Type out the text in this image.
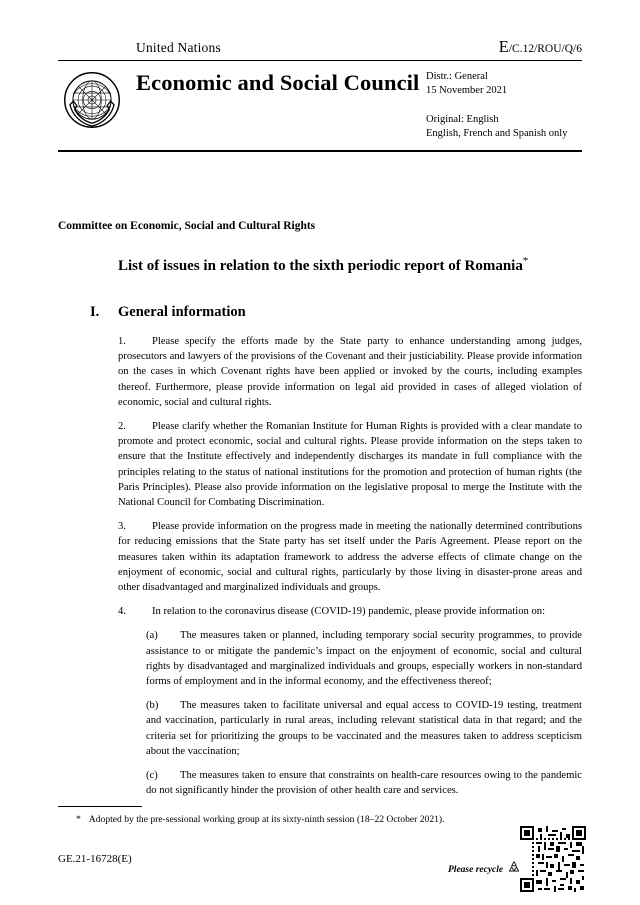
United Nations	E/C.12/ROU/Q/6
Economic and Social Council Distr.: General
15 November 2021
Original: English
English, French and Spanish only
Committee on Economic, Social and Cultural Rights
List of issues in relation to the sixth periodic report of Romania*
I. General information

1. Please specify the efforts made by the State party to enhance understanding among judges, prosecutors and lawyers of the provisions of the Covenant and their justiciability. Please provide information on the cases in which Covenant rights have been applied or invoked by the courts, including examples thereof. Furthermore, please provide information on legal aid provided in cases of alleged violation of economic, social and cultural rights.

2. Please clarify whether the Romanian Institute for Human Rights is provided with a clear mandate to promote and protect economic, social and cultural rights. Please provide information on the steps taken to ensure that the Institute effectively and independently discharges its mandate in full compliance with the principles relating to the status of national institutions for the promotion and protection of human rights (the Paris Principles). Please also provide information on the legislative proposal to merge the Institute with the National Council for Combating Discrimination.

3. Please provide information on the progress made in meeting the nationally determined contributions for reducing emissions that the State party has set itself under the Paris Agreement. Please report on the measures taken within its adaptation framework to address the adverse effects of climate change on the enjoyment of economic, social and cultural rights, particularly by those living in disaster-prone areas and other disadvantaged and marginalized individuals and groups.

4. In relation to the coronavirus disease (COVID-19) pandemic, please provide information on:

(a) The measures taken or planned, including temporary social security programmes, to provide assistance to or mitigate the pandemic’s impact on the enjoyment of economic, social and cultural rights by disadvantaged and marginalized individuals and groups, especially workers in non-standard forms of employment and in the informal economy, and the effectiveness thereof;

(b) The measures taken to facilitate universal and equal access to COVID-19 testing, treatment and vaccination, particularly in rural areas, including relevant statistical data in that regard; and the criteria set for prioritizing the groups to be vaccinated and the measures taken to address scepticism about the vaccination;

(c) The measures taken to ensure that constraints on health-care resources owing to the pandemic do not significantly hinder the provision of other health care and services.

* Adopted by the pre-sessional working group at its sixty-ninth session (18–22 October 2021).
GE.21-16728(E)
Please recycle
